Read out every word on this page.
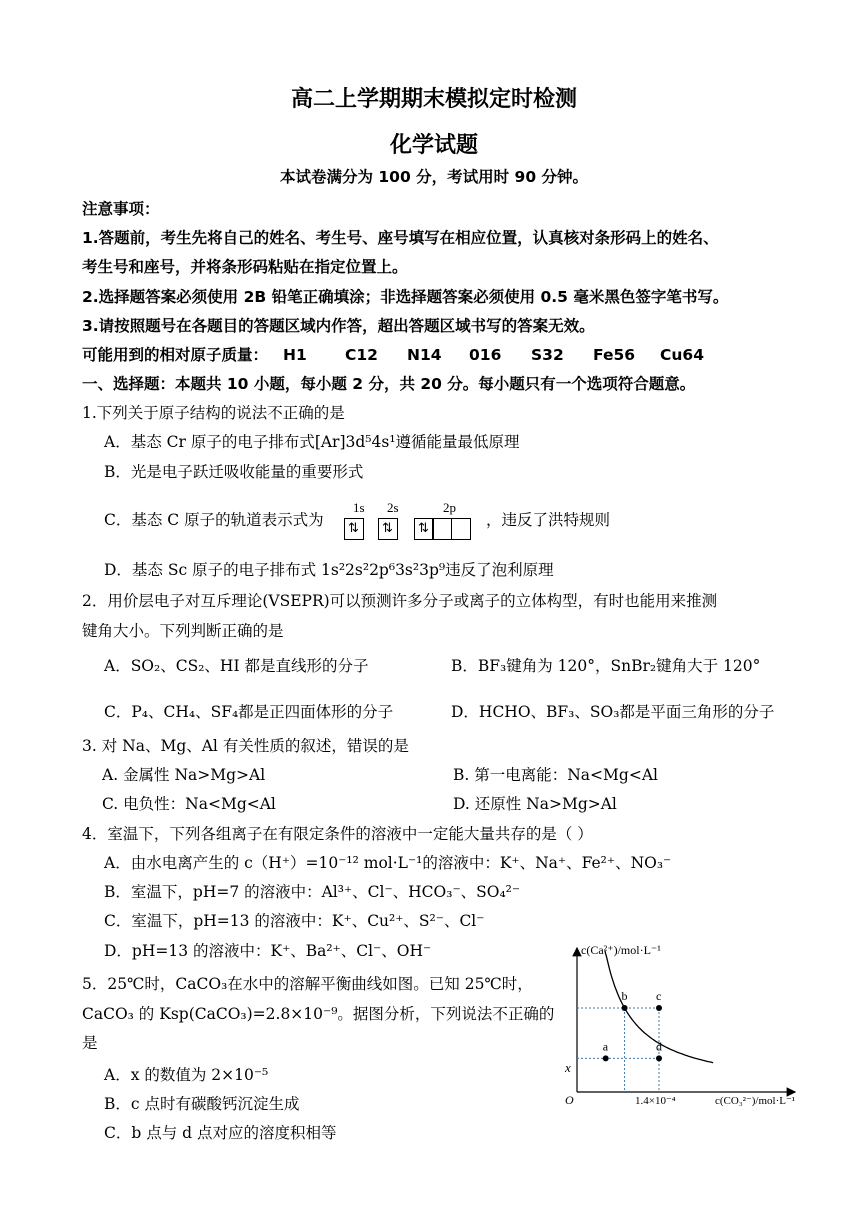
高二上学期期末模拟定时检测
化学试题
本试卷满分为 100 分，考试用时 90 分钟。
注意事项：
1.答题前，考生先将自己的姓名、考生号、座号填写在相应位置，认真核对条形码上的姓名、
考生号和座号，并将条形码粘贴在指定位置上。
2.选择题答案必须使用 2B 铅笔正确填涂；非选择题答案必须使用 0.5 毫米黑色签字笔书写。
3.请按照题号在各题目的答题区域内作答，超出答题区域书写的答案无效。
可能用到的相对原子质量： H1 C12 N14 016 S32 Fe56 Cu64
一、选择题：本题共 10 小题，每小题 2 分，共 20 分。每小题只有一个选项符合题意。
1.下列关于原子结构的说法不正确的是
A．基态 Cr 原子的电子排布式[Ar]3d⁵4s¹遵循能量最低原理
B．光是电子跃迁吸收能量的重要形式
C．基态 C 原子的轨道表示式为
1s 2s	2p
⇅	⇅	⇅	，违反了洪特规则
D．基态 Sc 原子的电子排布式 1s²2s²2p⁶3s²3p⁹违反了泡利原理
2．用价层电子对互斥理论(VSEPR)可以预测许多分子或离子的立体构型，有时也能用来推测
键角大小。下列判断正确的是
A．SO₂、CS₂、HI 都是直线形的分子	B．BF₃键角为 120°，SnBr₂键角大于 120°
C．P₄、CH₄、SF₄都是正四面体形的分子	D．HCHO、BF₃、SO₃都是平面三角形的分子
3. 对 Na、Mg、Al 有关性质的叙述，错误的是
A. 金属性 Na>Mg>Al	B. 第一电离能：Na<Mg<Al
C. 电负性：Na<Mg<Al	D. 还原性 Na>Mg>Al
4．室温下，下列各组离子在有限定条件的溶液中一定能大量共存的是（ ）
A．由水电离产生的 c（H⁺）=10⁻¹² mol·L⁻¹的溶液中：K⁺、Na⁺、Fe²⁺、NO₃⁻
B．室温下，pH=7 的溶液中：Al³⁺、Cl⁻、HCO₃⁻、SO₄²⁻
C．室温下，pH=13 的溶液中：K⁺、Cu²⁺、S²⁻、Cl⁻
D．pH=13 的溶液中：K⁺、Ba²⁺、Cl⁻、OH⁻
5．25℃时，CaCO₃在水中的溶解平衡曲线如图。已知 25℃时，
CaCO₃ 的 Ksp(CaCO₃)=2.8×10⁻⁹。据图分析，下列说法不正确的
是
A．x 的数值为 2×10⁻⁵
B．c 点时有碳酸钙沉淀生成
C．b 点与 d 点对应的溶度积相等
c(Ca²⁺)/mol·L⁻¹
c(CO₃²⁻)/mol·L⁻¹
O	1.4×10⁻⁴
x
a
b c
d
